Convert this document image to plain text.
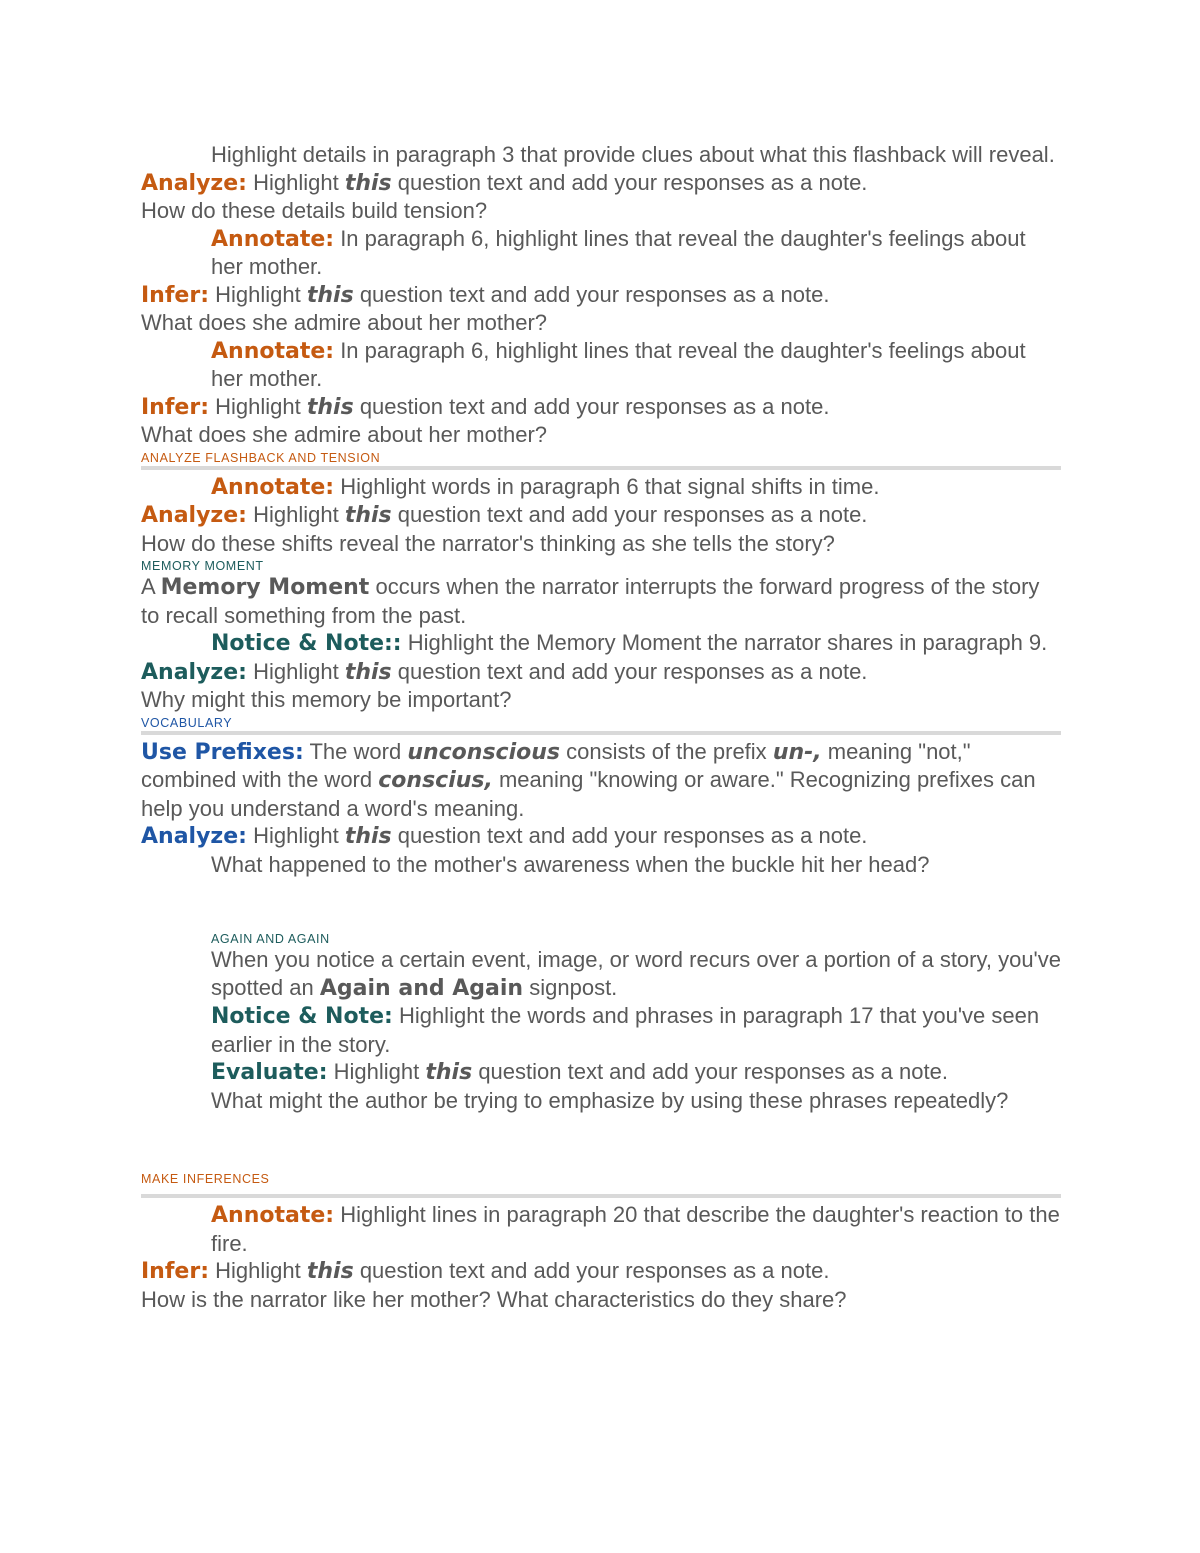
Highlight details in paragraph 3 that provide clues about what this flashback will reveal.

Analyze: Highlight this question text and add your responses as a note.

How do these details build tension?

Annotate: In paragraph 6, highlight lines that reveal the daughter's feelings about her mother.

Infer: Highlight this question text and add your responses as a note.

What does she admire about her mother?

Annotate: In paragraph 6, highlight lines that reveal the daughter's feelings about her mother.

Infer: Highlight this question text and add your responses as a note.

What does she admire about her mother?

ANALYZE FLASHBACK AND TENSION

Annotate: Highlight words in paragraph 6 that signal shifts in time.

Analyze: Highlight this question text and add your responses as a note.

How do these shifts reveal the narrator's thinking as she tells the story?

MEMORY MOMENT

A Memory Moment occurs when the narrator interrupts the forward progress of the story to recall something from the past.

Notice & Note:: Highlight the Memory Moment the narrator shares in paragraph 9.

Analyze: Highlight this question text and add your responses as a note.

Why might this memory be important?

VOCABULARY

Use Prefixes: The word unconscious consists of the prefix un-, meaning "not," combined with the word conscius, meaning "knowing or aware." Recognizing prefixes can help you understand a word's meaning.

Analyze: Highlight this question text and add your responses as a note.

What happened to the mother's awareness when the buckle hit her head?

AGAIN AND AGAIN

When you notice a certain event, image, or word recurs over a portion of a story, you've spotted an Again and Again signpost.

Notice & Note: Highlight the words and phrases in paragraph 17 that you've seen earlier in the story.

Evaluate: Highlight this question text and add your responses as a note.

What might the author be trying to emphasize by using these phrases repeatedly?

MAKE INFERENCES

Annotate: Highlight lines in paragraph 20 that describe the daughter's reaction to the fire.

Infer: Highlight this question text and add your responses as a note.

How is the narrator like her mother? What characteristics do they share?
